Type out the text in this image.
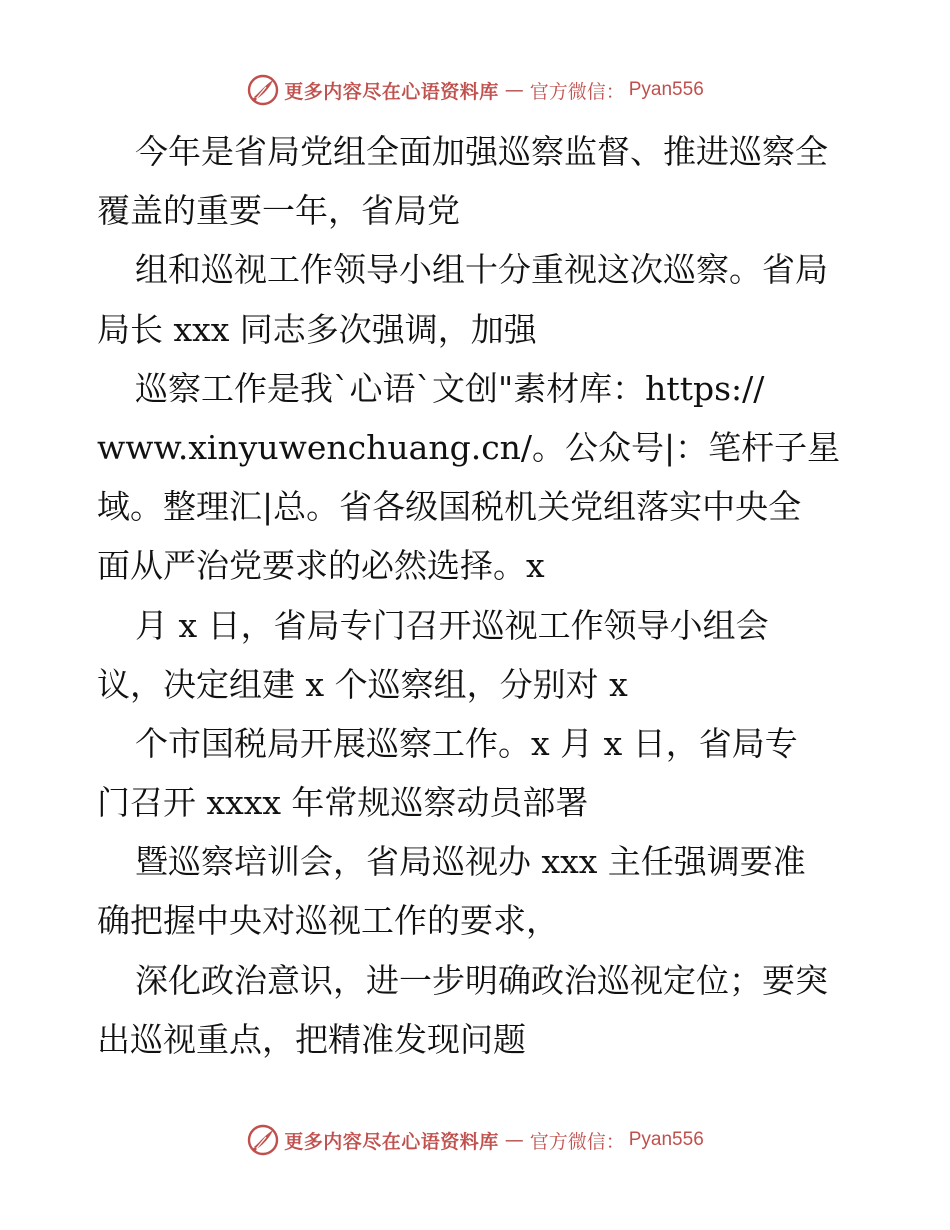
更多内容尽在心语资料库 — 官方微信： Pyan556
今年是省局党组全面加强巡察监督、推进巡察全
覆盖的重要一年，省局党
组和巡视工作领导小组十分重视这次巡察。省局
局长 xxx 同志多次强调，加强
巡察工作是我`心语`文创"素材库：https://
www.xinyuwenchuang.cn/。公众号|：笔杆子星
域。整理汇|总。省各级国税机关党组落实中央全
面从严治党要求的必然选择。x
月 x 日，省局专门召开巡视工作领导小组会
议，决定组建 x 个巡察组，分别对 x
个市国税局开展巡察工作。x 月 x 日，省局专
门召开 xxxx 年常规巡察动员部署
暨巡察培训会，省局巡视办 xxx 主任强调要准
确把握中央对巡视工作的要求，
深化政治意识，进一步明确政治巡视定位；要突
出巡视重点，把精准发现问题
更多内容尽在心语资料库 — 官方微信： Pyan556
